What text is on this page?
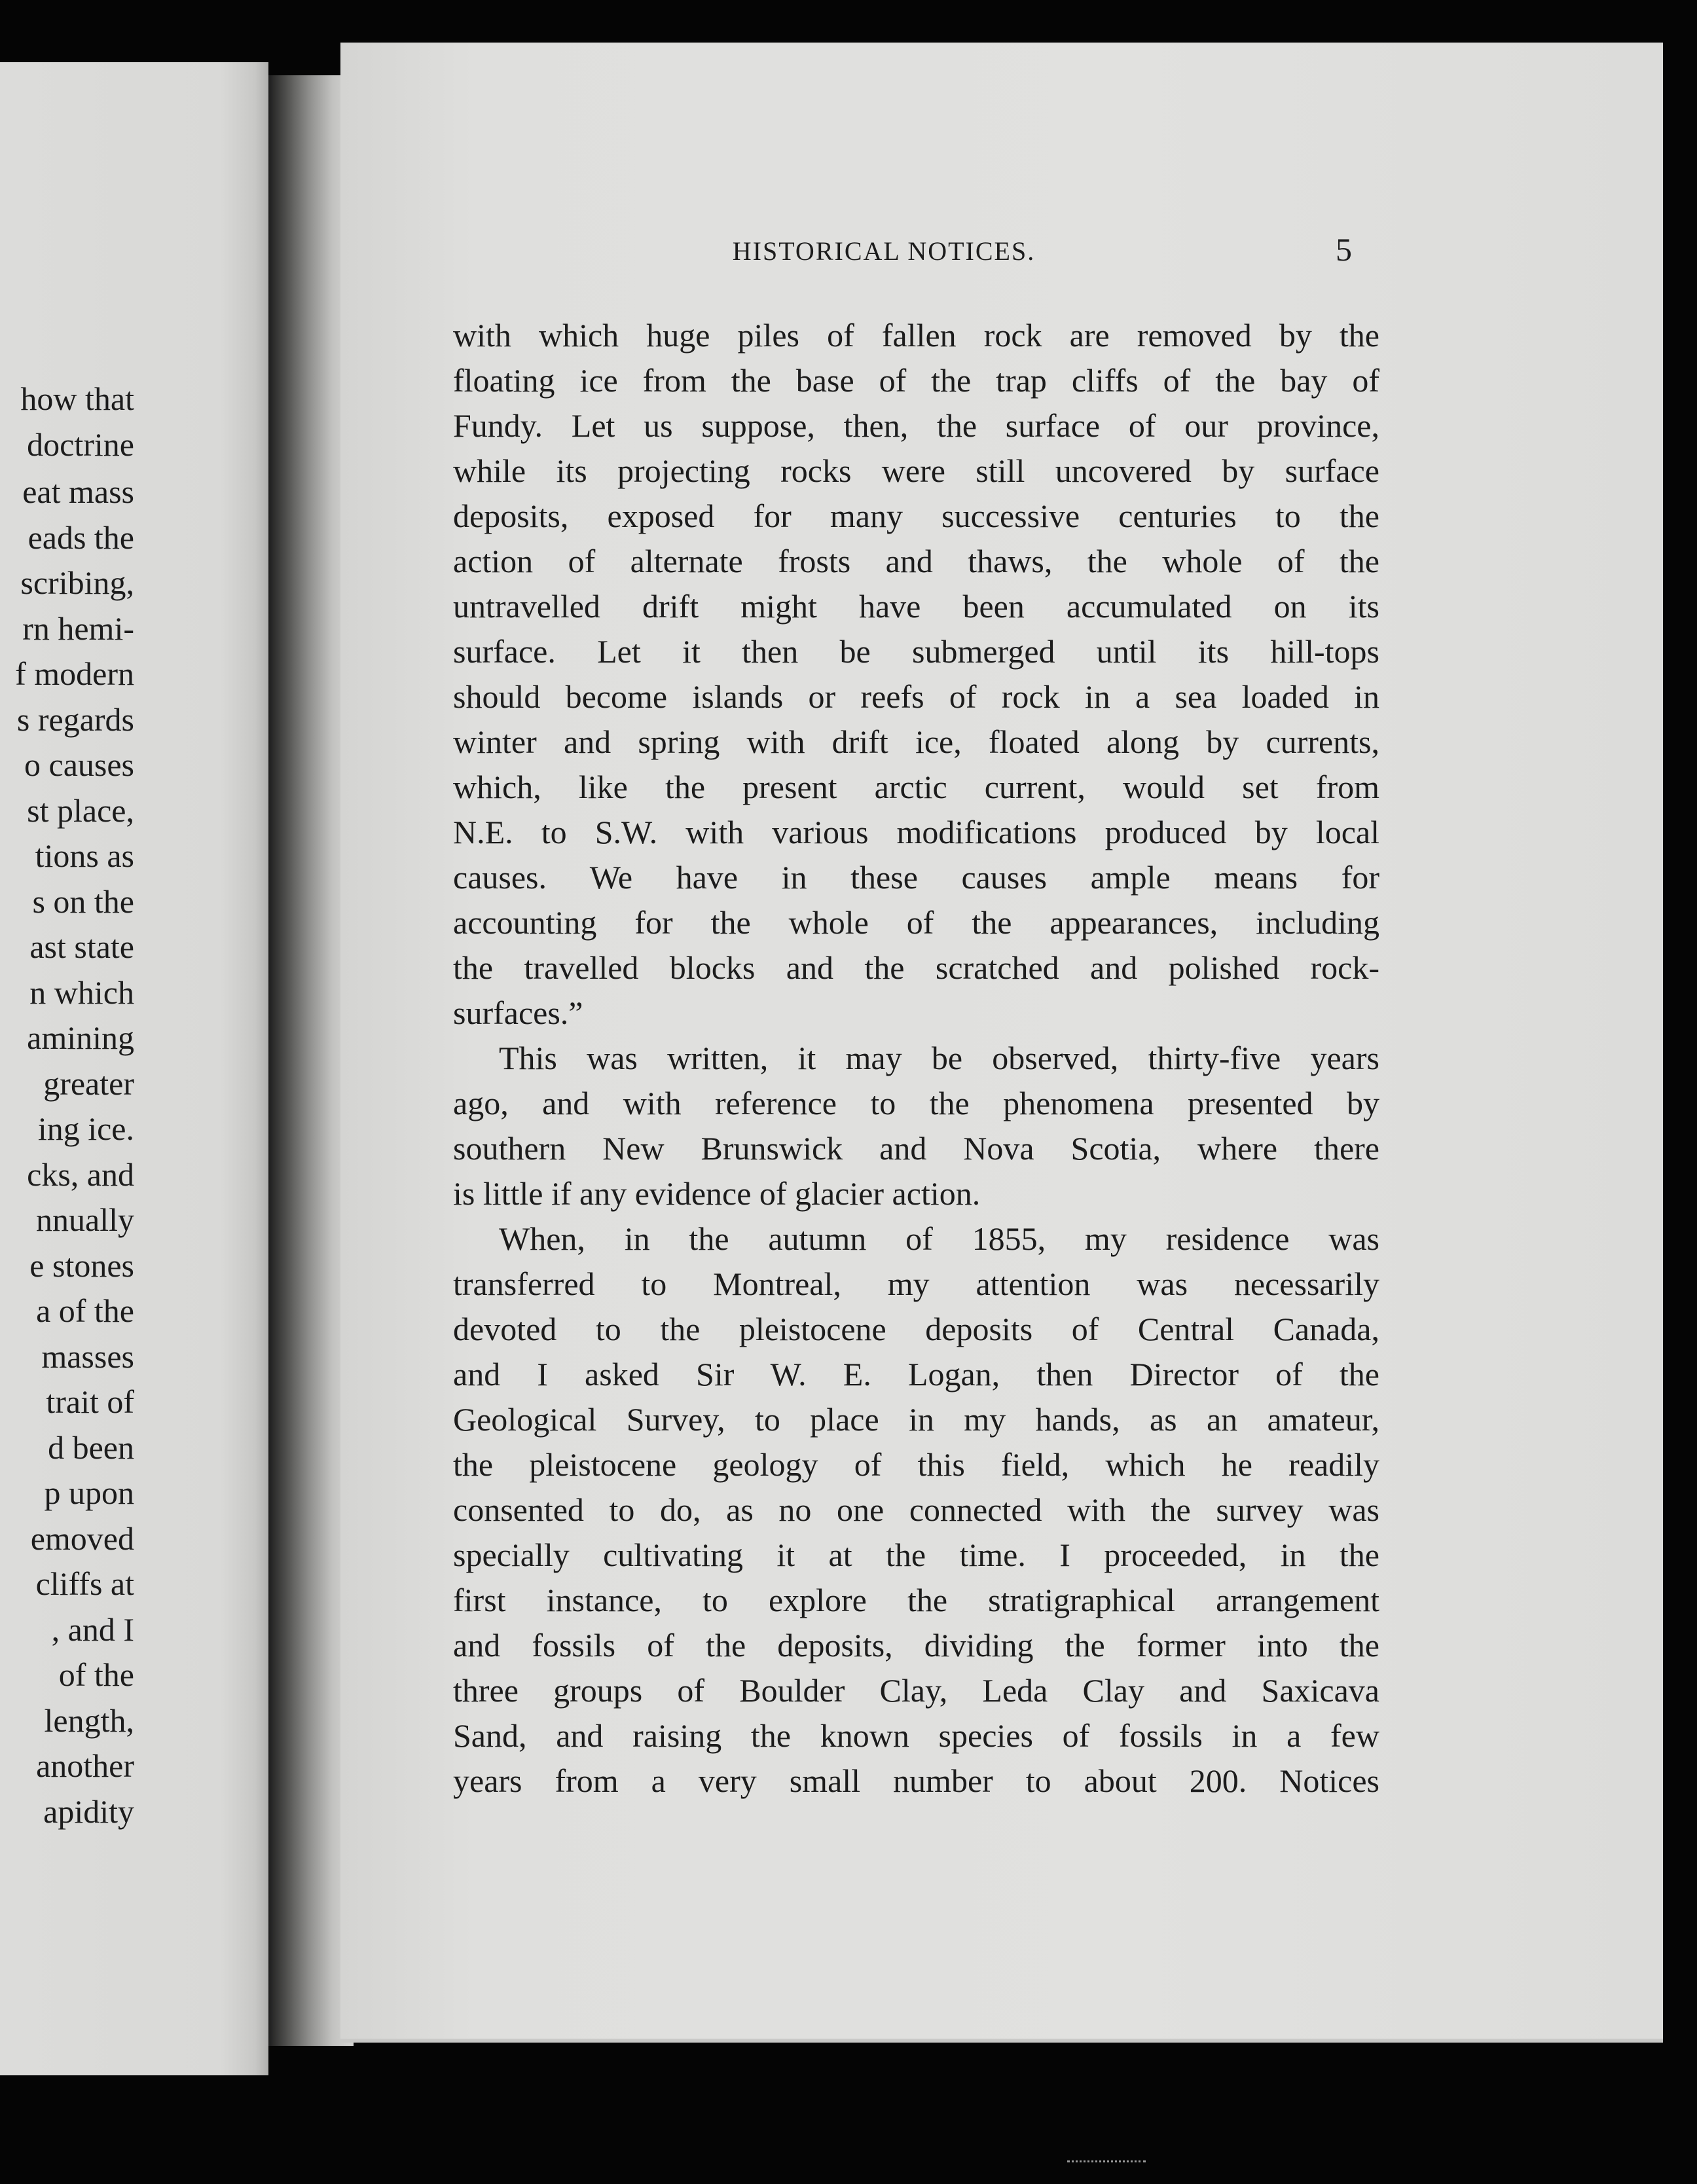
how that
doctrine
eat mass
eads the
scribing,
rn hemi-
f modern
s regards
o causes
st place,
tions as
s on the
ast state
n which
amining
greater
ing ice.
cks, and
nnually
e stones
a of the
masses
trait of
d been
p upon
emoved
cliffs at
, and I
of the
length,
another
apidity
HISTORICAL NOTICES.	5
with which huge piles of fallen rock are removed by the
floating ice from the base of the trap cliffs of the bay of
Fundy. Let us suppose, then, the surface of our province,
while its projecting rocks were still uncovered by surface
deposits, exposed for many successive centuries to the
action of alternate frosts and thaws, the whole of the
untravelled drift might have been accumulated on its
surface. Let it then be submerged until its hill-tops
should become islands or reefs of rock in a sea loaded in
winter and spring with drift ice, floated along by currents,
which, like the present arctic current, would set from
N.E. to S.W. with various modifications produced by local
causes. We have in these causes ample means for
accounting for the whole of the appearances, including
the travelled blocks and the scratched and polished rock-
surfaces.”
This was written, it may be observed, thirty-five years
ago, and with reference to the phenomena presented by
southern New Brunswick and Nova Scotia, where there
is little if any evidence of glacier action.
When, in the autumn of 1855, my residence was
transferred to Montreal, my attention was necessarily
devoted to the pleistocene deposits of Central Canada,
and I asked Sir W. E. Logan, then Director of the
Geological Survey, to place in my hands, as an amateur,
the pleistocene geology of this field, which he readily
consented to do, as no one connected with the survey was
specially cultivating it at the time. I proceeded, in the
first instance, to explore the stratigraphical arrangement
and fossils of the deposits, dividing the former into the
three groups of Boulder Clay, Leda Clay and Saxicava
Sand, and raising the known species of fossils in a few
years from a very small number to about 200. Notices
